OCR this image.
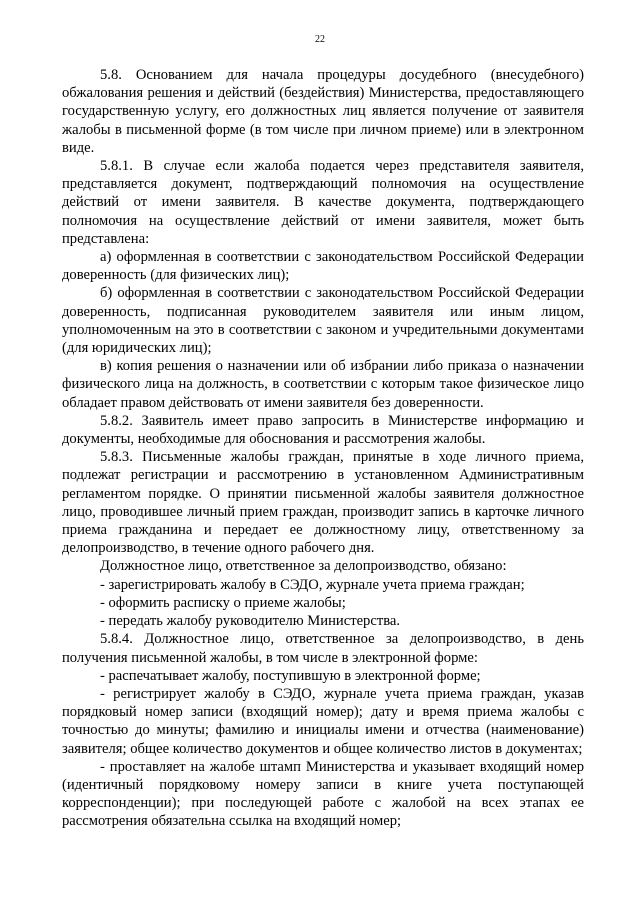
22

5.8. Основанием для начала процедуры досудебного (внесудебного) обжалования решения и действий (бездействия) Министерства, предоставляющего государственную услугу, его должностных лиц является получение от заявителя жалобы в письменной форме (в том числе при личном приеме) или в электронном виде.

5.8.1. В случае если жалоба подается через представителя заявителя, представляется документ, подтверждающий полномочия на осуществление действий от имени заявителя. В качестве документа, подтверждающего полномочия на осуществление действий от имени заявителя, может быть представлена:

а) оформленная в соответствии с законодательством Российской Федерации доверенность (для физических лиц);

б) оформленная в соответствии с законодательством Российской Федерации доверенность, подписанная руководителем заявителя или иным лицом, уполномоченным на это в соответствии с законом и учредительными документами (для юридических лиц);

в) копия решения о назначении или об избрании либо приказа о назначении физического лица на должность, в соответствии с которым такое физическое лицо обладает правом действовать от имени заявителя без доверенности.

5.8.2. Заявитель имеет право запросить в Министерстве информацию и документы, необходимые для обоснования и рассмотрения жалобы.

5.8.3. Письменные жалобы граждан, принятые в ходе личного приема, подлежат регистрации и рассмотрению в установленном Административным регламентом порядке. О принятии письменной жалобы заявителя должностное лицо, проводившее личный прием граждан, производит запись в карточке личного приема гражданина и передает ее должностному лицу, ответственному за делопроизводство, в течение одного рабочего дня.

Должностное лицо, ответственное за делопроизводство, обязано:

- зарегистрировать жалобу в СЭДО, журнале учета приема граждан;

- оформить расписку о приеме жалобы;

- передать жалобу руководителю Министерства.

5.8.4. Должностное лицо, ответственное за делопроизводство, в день получения письменной жалобы, в том числе в электронной форме:

- распечатывает жалобу, поступившую в электронной форме;

- регистрирует жалобу в СЭДО, журнале учета приема граждан, указав порядковый номер записи (входящий номер); дату и время приема жалобы с точностью до минуты; фамилию и инициалы имени и отчества (наименование) заявителя; общее количество документов и общее количество листов в документах;

- проставляет на жалобе штамп Министерства и указывает входящий номер (идентичный порядковому номеру записи в книге учета поступающей корреспонденции); при последующей работе с жалобой на всех этапах ее рассмотрения обязательна ссылка на входящий номер;
